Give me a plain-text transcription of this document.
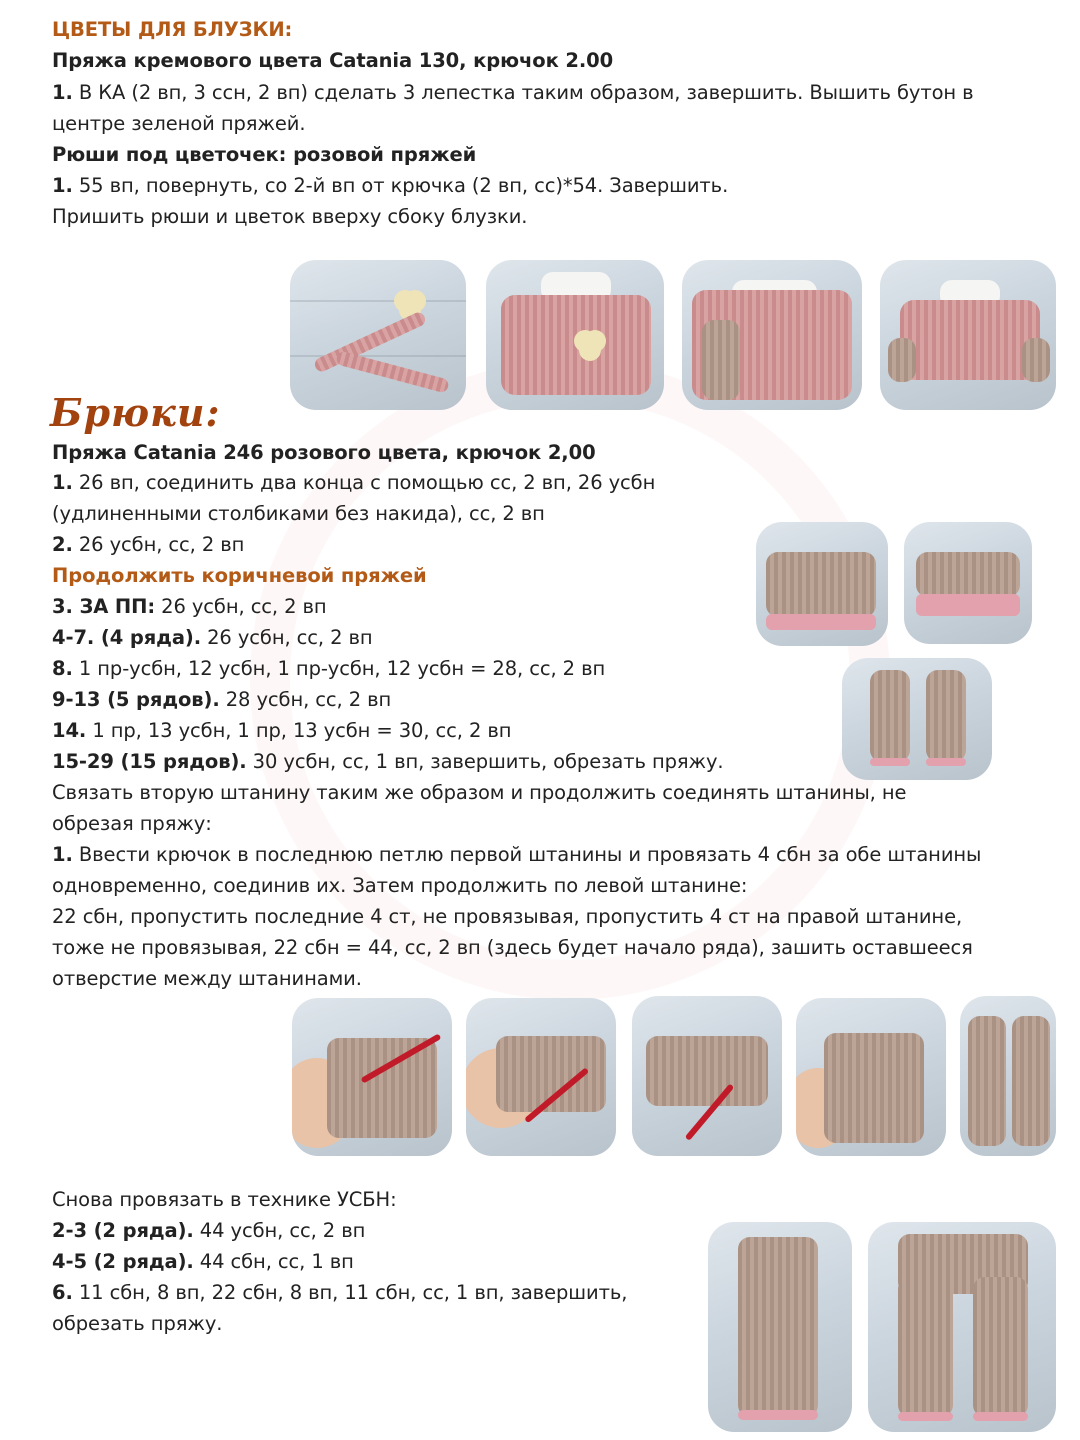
ЦВЕТЫ ДЛЯ БЛУЗКИ:
Пряжа кремового цвета Catania 130, крючок 2.00
1. В КА (2 вп, 3 ссн, 2 вп) сделать 3 лепестка таким образом, завершить. Вышить бутон в
центре зеленой пряжей.
Рюши под цветочек: розовой пряжей
1. 55 вп, повернуть, со 2-й вп от крючка (2 вп, сс)*54. Завершить.
Пришить рюши и цветок вверху сбоку блузки.
Брюки:
Пряжа Catania 246 розового цвета, крючок 2,00
1. 26 вп, соединить два конца с помощью сс, 2 вп, 26 усбн
(удлиненными столбиками без накида), сс, 2 вп
2. 26 усбн, сс, 2 вп
Продолжить коричневой пряжей
3. ЗА ПП: 26 усбн, сс, 2 вп
4-7. (4 ряда). 26 усбн, сс, 2 вп
8. 1 пр-усбн, 12 усбн, 1 пр-усбн, 12 усбн = 28, сс, 2 вп
9-13 (5 рядов). 28 усбн, сс, 2 вп
14. 1 пр, 13 усбн, 1 пр, 13 усбн = 30, сс, 2 вп
15-29 (15 рядов). 30 усбн, сс, 1 вп, завершить, обрезать пряжу.
Связать вторую штанину таким же образом и продолжить соединять штанины, не
обрезая пряжу:
1. Ввести крючок в последнюю петлю первой штанины и провязать 4 сбн за обе штанины
одновременно, соединив их. Затем продолжить по левой штанине:
22 сбн, пропустить последние 4 ст, не провязывая, пропустить 4 ст на правой штанине,
тоже не провязывая, 22 сбн = 44, сс, 2 вп (здесь будет начало ряда), зашить оставшееся
отверстие между штанинами.
Снова провязать в технике УСБН:
2-3 (2 ряда). 44 усбн, сс, 2 вп
4-5 (2 ряда). 44 сбн, сс, 1 вп
6. 11 сбн, 8 вп, 22 сбн, 8 вп, 11 сбн, сс, 1 вп, завершить,
обрезать пряжу.
